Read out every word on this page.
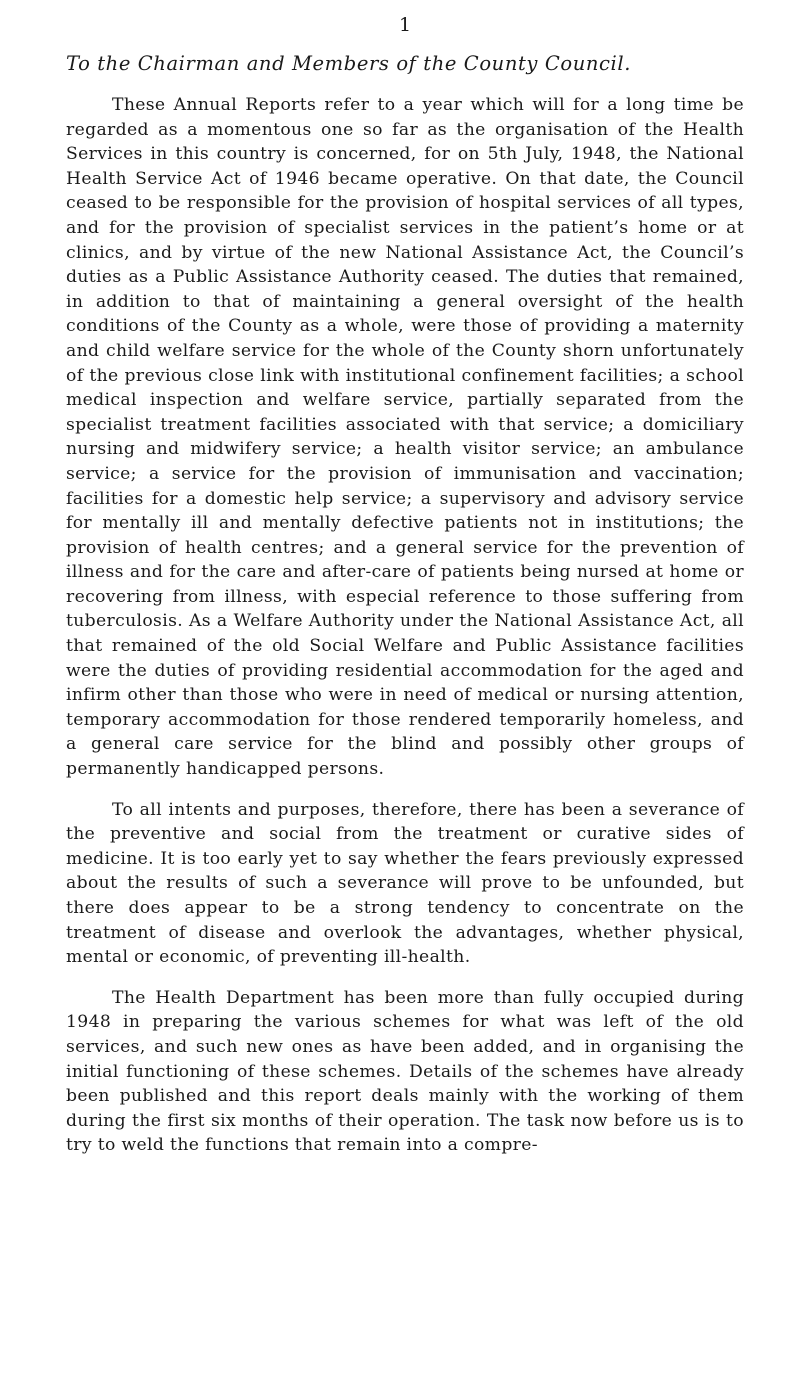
1
To the Chairman and Members of the County Council.

These Annual Reports refer to a year which will for a long time be regarded as a momentous one so far as the organisation of the Health Services in this country is concerned, for on 5th July, 1948, the National Health Service Act of 1946 became operative. On that date, the Council ceased to be responsible for the provision of hospital services of all types, and for the provision of specialist services in the patient’s home or at clinics, and by virtue of the new National Assistance Act, the Council’s duties as a Public Assistance Authority ceased. The duties that remained, in addition to that of maintaining a general oversight of the health conditions of the County as a whole, were those of providing a maternity and child welfare service for the whole of the County shorn unfortunately of the previous close link with institutional confinement facilities; a school medical inspection and welfare service, partially separated from the specialist treatment facilities associated with that service; a domiciliary nursing and midwifery service; a health visitor service; an ambulance service; a service for the provision of immunisation and vaccination; facilities for a domestic help service; a supervisory and advisory service for mentally ill and mentally defective patients not in institutions; the provision of health centres; and a general service for the prevention of illness and for the care and after-care of patients being nursed at home or recovering from illness, with especial reference to those suffering from tuberculosis. As a Welfare Authority under the National Assistance Act, all that remained of the old Social Welfare and Public Assistance facilities were the duties of providing residential accommodation for the aged and infirm other than those who were in need of medical or nursing attention, temporary accommodation for those rendered temporarily homeless, and a general care service for the blind and possibly other groups of permanently handicapped persons.

To all intents and purposes, therefore, there has been a severance of the preventive and social from the treatment or curative sides of medicine. It is too early yet to say whether the fears previously expressed about the results of such a severance will prove to be unfounded, but there does appear to be a strong tendency to concentrate on the treatment of disease and overlook the advantages, whether physical, mental or economic, of preventing ill-health.

The Health Department has been more than fully occupied during 1948 in preparing the various schemes for what was left of the old services, and such new ones as have been added, and in organising the initial functioning of these schemes. Details of the schemes have already been published and this report deals mainly with the working of them during the first six months of their operation. The task now before us is to try to weld the functions that remain into a compre-
